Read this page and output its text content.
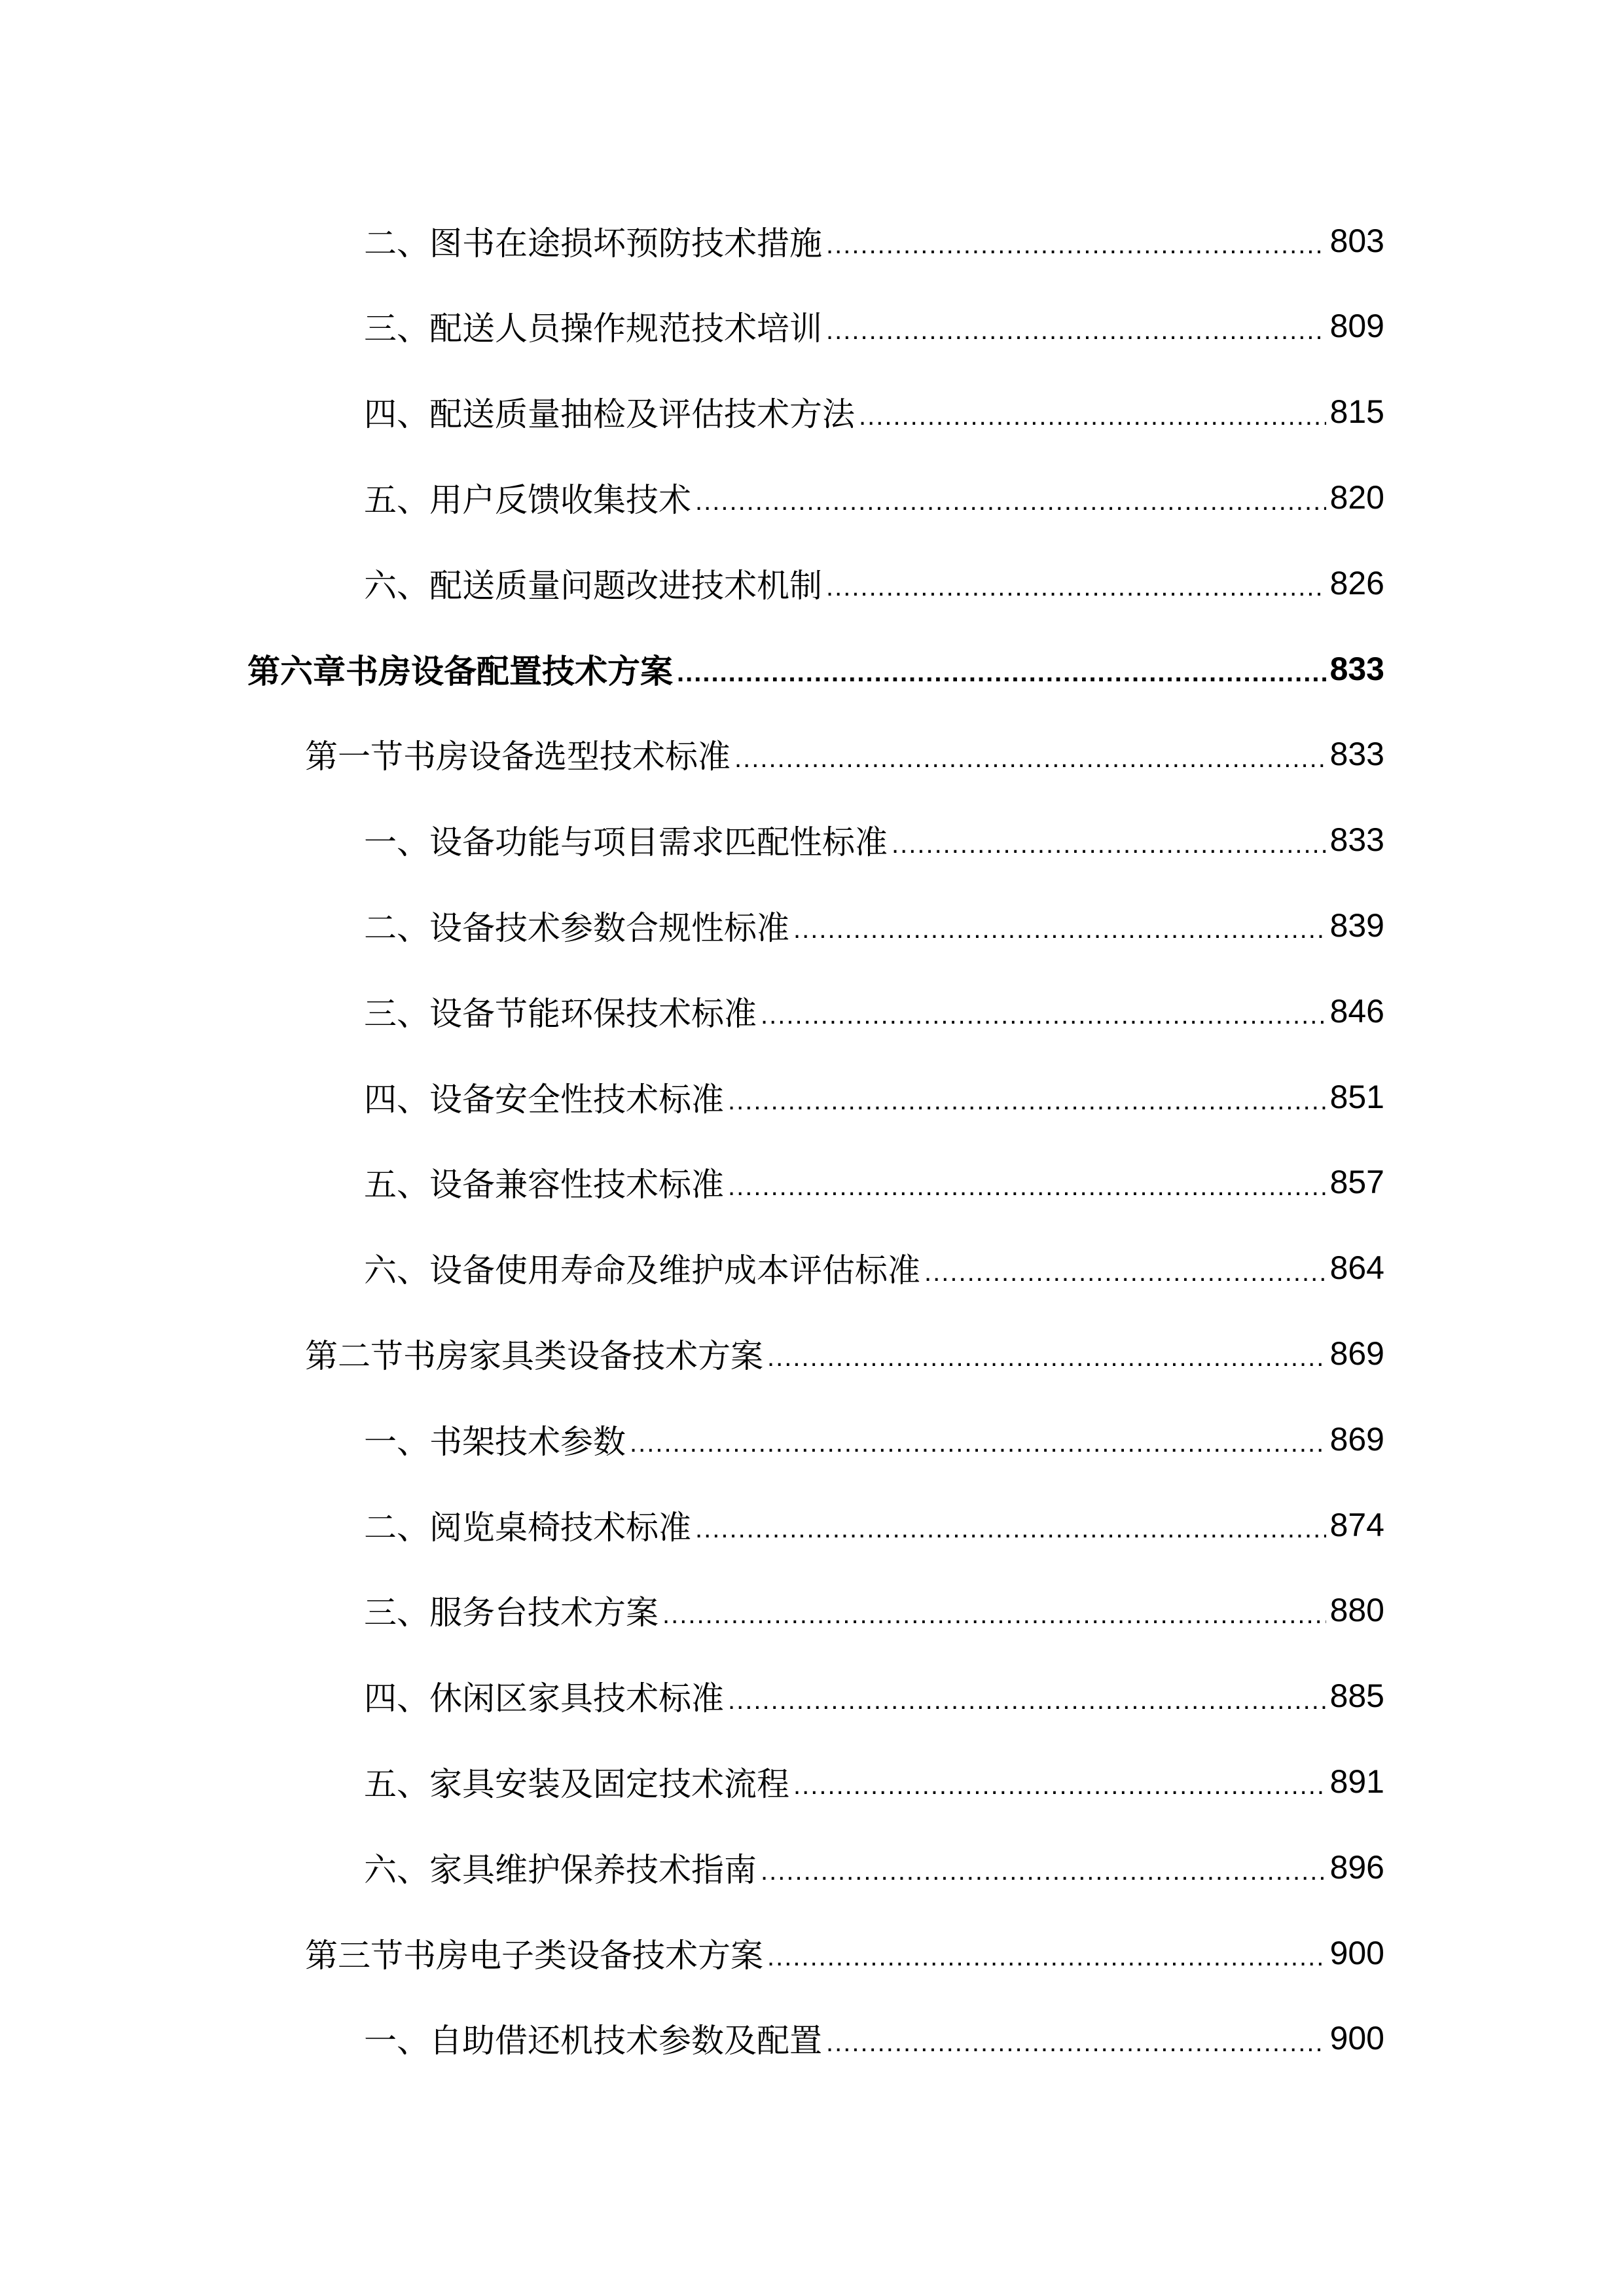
二、图书在途损坏预防技术措施 .....	803
三、配送人员操作规范技术培训 .....	809
四、配送质量抽检及评估技术方法 .....	815
五、用户反馈收集技术 .....	820
六、配送质量问题改进技术机制 .....	826
第六章书房设备配置技术方案 .....	833
第一节书房设备选型技术标准 .....	833
一、设备功能与项目需求匹配性标准 .....	833
二、设备技术参数合规性标准 .....	839
三、设备节能环保技术标准 .....	846
四、设备安全性技术标准 .....	851
五、设备兼容性技术标准 .....	857
六、设备使用寿命及维护成本评估标准 .....	864
第二节书房家具类设备技术方案 .....	869
一、书架技术参数 .....	869
二、阅览桌椅技术标准 .....	874
三、服务台技术方案 .....	880
四、休闲区家具技术标准 .....	885
五、家具安装及固定技术流程 .....	891
六、家具维护保养技术指南 .....	896
第三节书房电子类设备技术方案 .....	900
一、自助借还机技术参数及配置 .....	900
